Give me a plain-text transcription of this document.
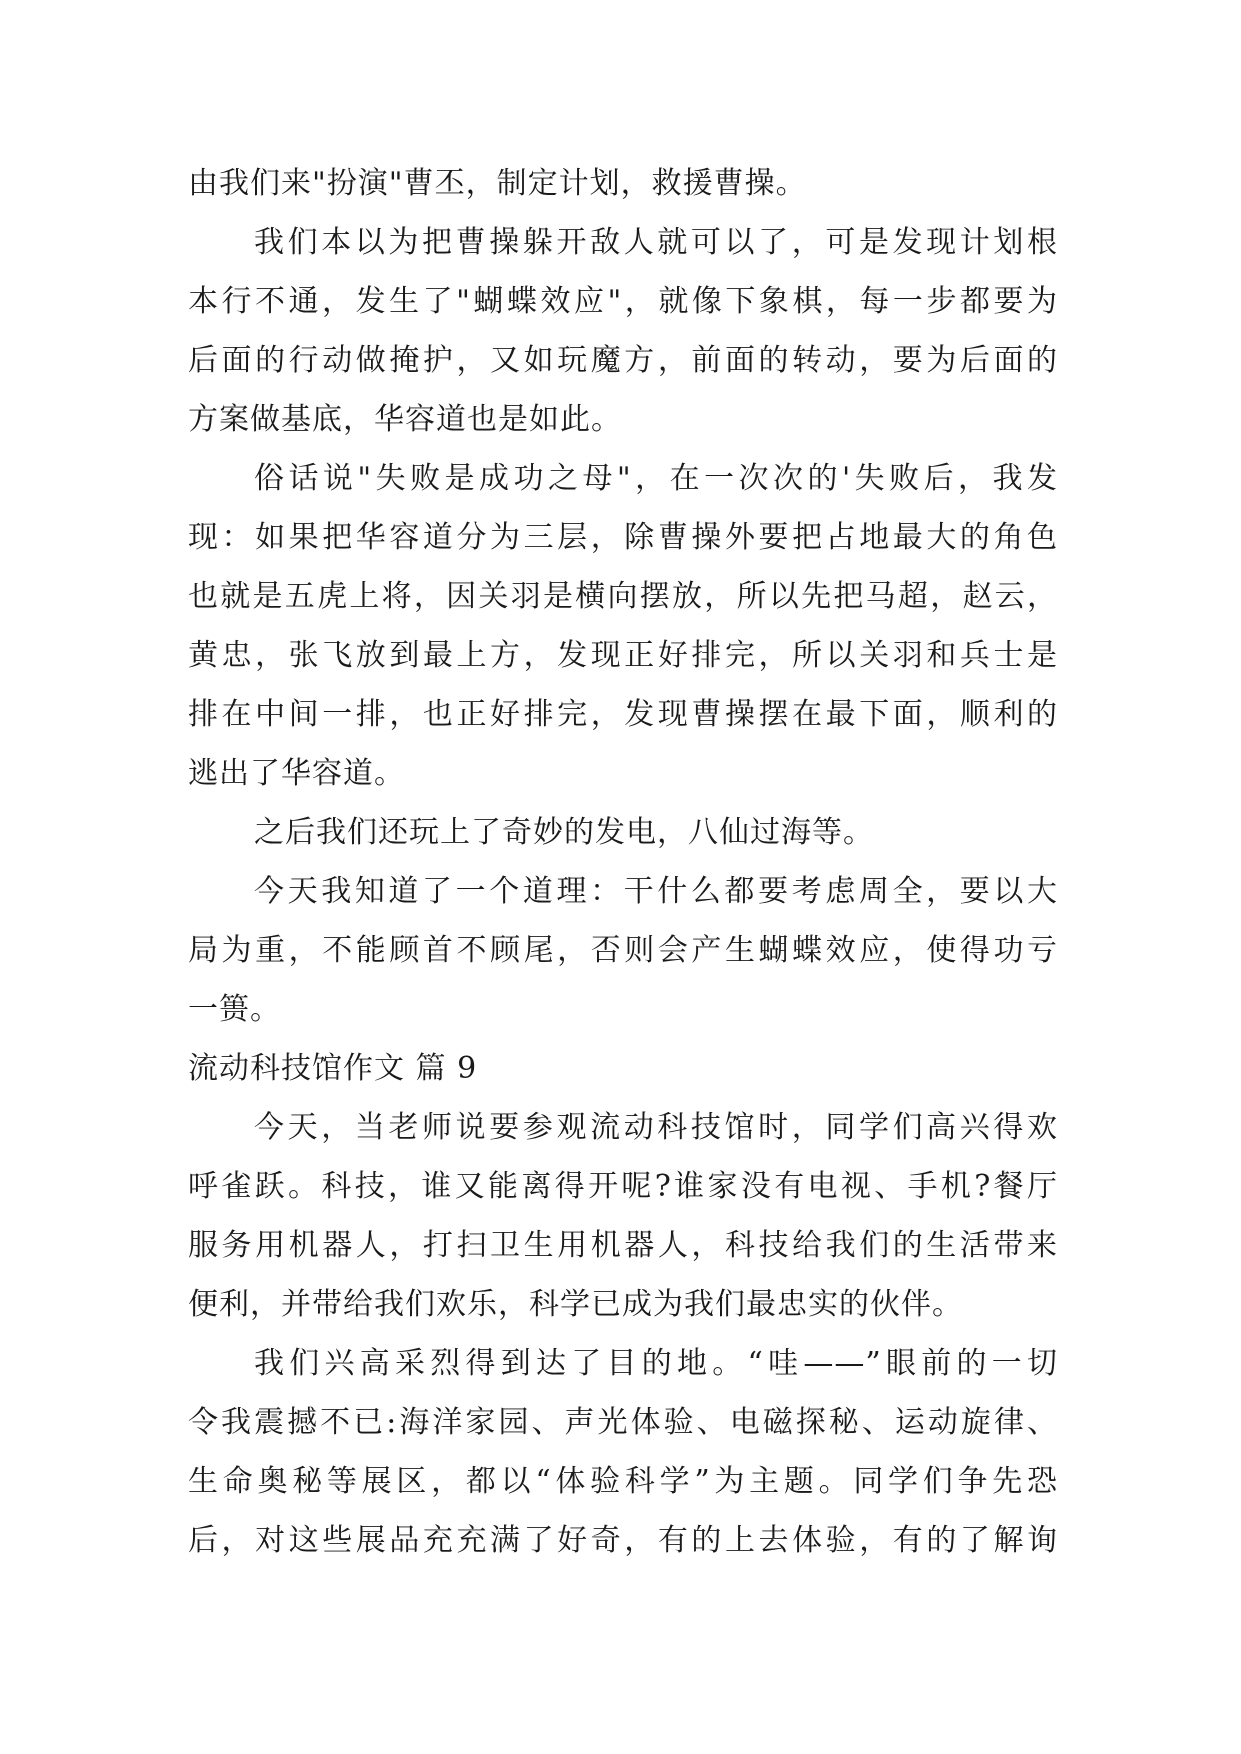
由我们来"扮演"曹丕，制定计划，救援曹操。
我们本以为把曹操躲开敌人就可以了，可是发现计划根
本行不通，发生了"蝴蝶效应"，就像下象棋，每一步都要为
后面的行动做掩护，又如玩魔方，前面的转动，要为后面的
方案做基底，华容道也是如此。
俗话说"失败是成功之母"，在一次次的'失败后，我发
现：如果把华容道分为三层，除曹操外要把占地最大的角色
也就是五虎上将，因关羽是横向摆放，所以先把马超，赵云，
黄忠，张飞放到最上方，发现正好排完，所以关羽和兵士是
排在中间一排，也正好排完，发现曹操摆在最下面，顺利的
逃出了华容道。
之后我们还玩上了奇妙的发电，八仙过海等。
今天我知道了一个道理：干什么都要考虑周全，要以大
局为重，不能顾首不顾尾，否则会产生蝴蝶效应，使得功亏
一篑。
流动科技馆作文 篇 9
今天，当老师说要参观流动科技馆时，同学们高兴得欢
呼雀跃。科技，谁又能离得开呢?谁家没有电视、手机?餐厅
服务用机器人，打扫卫生用机器人，科技给我们的生活带来
便利，并带给我们欢乐，科学已成为我们最忠实的伙伴。
我们兴高采烈得到达了目的地。“哇——”眼前的一切
令我震撼不已:海洋家园、声光体验、电磁探秘、运动旋律、
生命奥秘等展区，都以“体验科学”为主题。同学们争先恐
后，对这些展品充充满了好奇，有的上去体验，有的了解询
